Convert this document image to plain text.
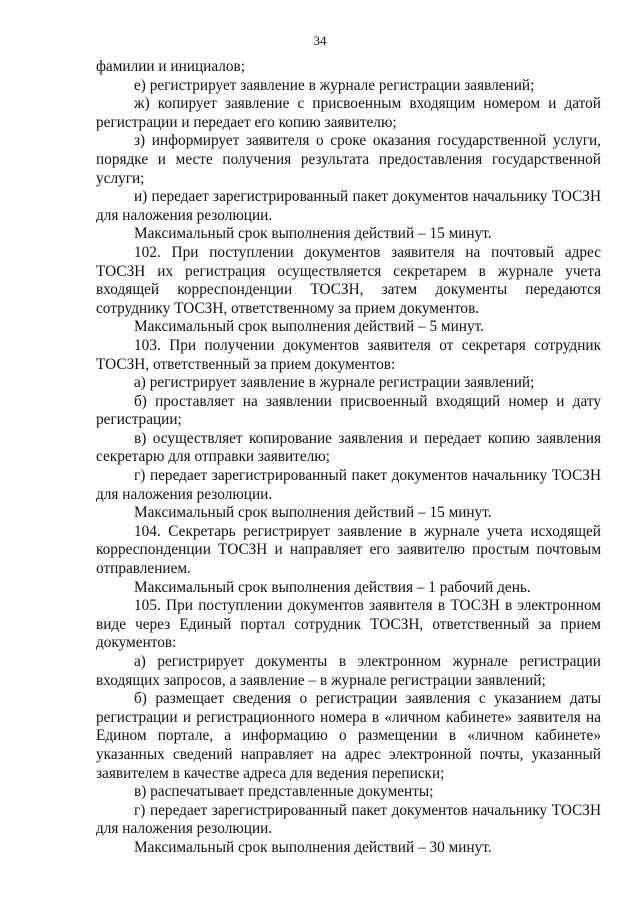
34

фамилии и инициалов;

е) регистрирует заявление в журнале регистрации заявлений;

ж) копирует заявление с присвоенным входящим номером и датой регистрации и передает его копию заявителю;

з) информирует заявителя о сроке оказания государственной услуги, порядке и месте получения результата предоставления государственной услуги;

и) передает зарегистрированный пакет документов начальнику ТОСЗН для наложения резолюции.

Максимальный срок выполнения действий – 15 минут.

102. При поступлении документов заявителя на почтовый адрес ТОСЗН их регистрация осуществляется секретарем в журнале учета входящей корреспонденции ТОСЗН, затем документы передаются сотруднику ТОСЗН, ответственному за прием документов.

Максимальный срок выполнения действий – 5 минут.

103. При получении документов заявителя от секретаря сотрудник ТОСЗН, ответственный за прием документов:

а) регистрирует заявление в журнале регистрации заявлений;

б) проставляет на заявлении присвоенный входящий номер и дату регистрации;

в) осуществляет копирование заявления и передает копию заявления секретарю для отправки заявителю;

г) передает зарегистрированный пакет документов начальнику ТОСЗН для наложения резолюции.

Максимальный срок выполнения действий – 15 минут.

104. Секретарь регистрирует заявление в журнале учета исходящей корреспонденции ТОСЗН и направляет его заявителю простым почтовым отправлением.

Максимальный срок выполнения действия – 1 рабочий день.

105. При поступлении документов заявителя в ТОСЗН в электронном виде через Единый портал сотрудник ТОСЗН, ответственный за прием документов:

а) регистрирует документы в электронном журнале регистрации входящих запросов, а заявление – в журнале регистрации заявлений;

б) размещает сведения о регистрации заявления с указанием даты регистрации и регистрационного номера в «личном кабинете» заявителя на Едином портале, а информацию о размещении в «личном кабинете» указанных сведений направляет на адрес электронной почты, указанный заявителем в качестве адреса для ведения переписки;

в) распечатывает представленные документы;

г) передает зарегистрированный пакет документов начальнику ТОСЗН для наложения резолюции.

Максимальный срок выполнения действий – 30 минут.
